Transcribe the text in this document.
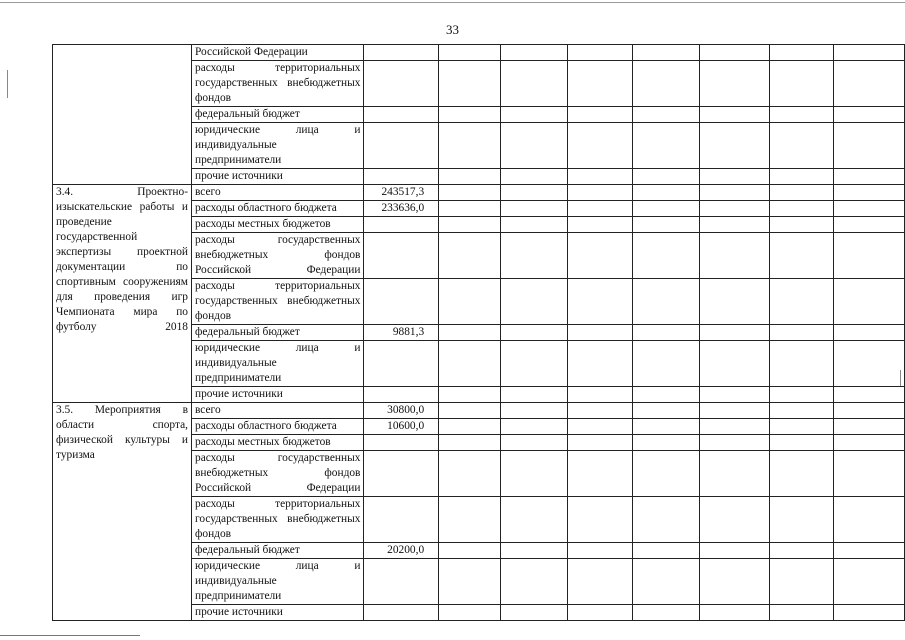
33
	Российской Федерации								
	расходы территориальных государственных внебюджетных фондов								
	федеральный бюджет								
	юридические лица и индивидуальные предприниматели								
	прочие источники								

3.4. Проектно-изыскательские работы и проведение государственной экспертизы проектной документации по спортивным сооружениям для проведения игр Чемпионата мира по футболу 2018	всего	243517,3							
	расходы областного бюджета	233636,0							
	расходы местных бюджетов								
	расходы государственных внебюджетных фондов Российской Федерации								
	расходы территориальных государственных внебюджетных фондов								
	федеральный бюджет	9881,3							
	юридические лица и индивидуальные предприниматели								
	прочие источники								

3.5. Мероприятия в области спорта, физической культуры и туризма	всего	30800,0							
	расходы областного бюджета	10600,0							
	расходы местных бюджетов								
	расходы государственных внебюджетных фондов Российской Федерации								
	расходы территориальных государственных внебюджетных фондов								
	федеральный бюджет	20200,0							
	юридические лица и индивидуальные предприниматели								
	прочие источники								
